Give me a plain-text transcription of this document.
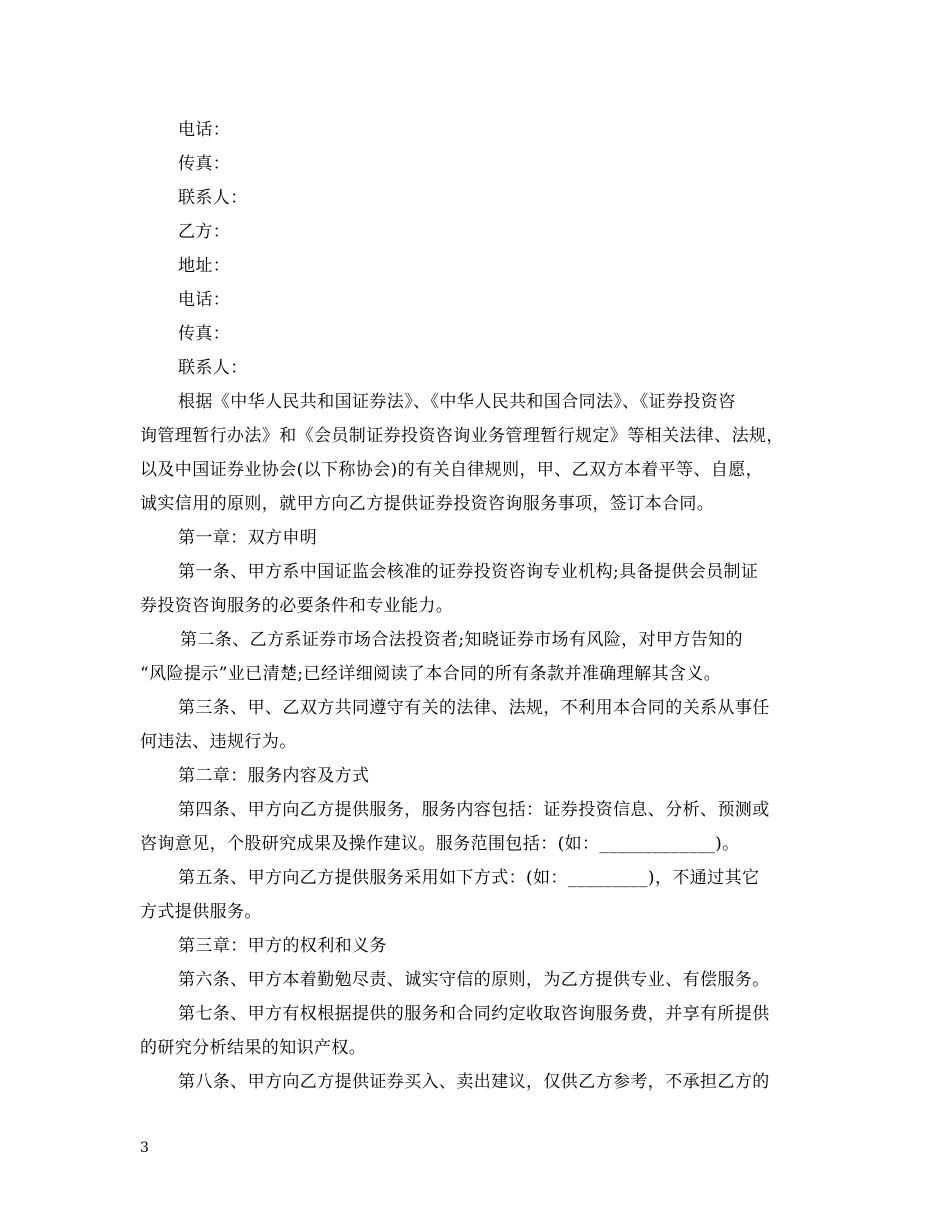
电话：
传真：
联系人：
乙方：
地址：
电话：
传真：
联系人：
根据《中华人民共和国证券法》、《中华人民共和国合同法》、《证券投资咨
询管理暂行办法》和《会员制证券投资咨询业务管理暂行规定》等相关法律、法规，
以及中国证券业协会(以下称协会)的有关自律规则，甲、乙双方本着平等、自愿，
诚实信用的原则，就甲方向乙方提供证券投资咨询服务事项，签订本合同。
第一章：双方申明
第一条、甲方系中国证监会核准的证券投资咨询专业机构;具备提供会员制证
券投资咨询服务的必要条件和专业能力。
第二条、乙方系证券市场合法投资者;知晓证券市场有风险，对甲方告知的
“风险提示”业已清楚;已经详细阅读了本合同的所有条款并准确理解其含义。
第三条、甲、乙双方共同遵守有关的法律、法规，不利用本合同的关系从事任
何违法、违规行为。
第二章：服务内容及方式
第四条、甲方向乙方提供服务，服务内容包括：证券投资信息、分析、预测或
咨询意见，个股研究成果及操作建议。服务范围包括：(如：_____________)。
第五条、甲方向乙方提供服务采用如下方式：(如：_________)，不通过其它
方式提供服务。
第三章：甲方的权利和义务
第六条、甲方本着勤勉尽责、诚实守信的原则，为乙方提供专业、有偿服务。
第七条、甲方有权根据提供的服务和合同约定收取咨询服务费，并享有所提供
的研究分析结果的知识产权。
第八条、甲方向乙方提供证券买入、卖出建议，仅供乙方参考，不承担乙方的
3
